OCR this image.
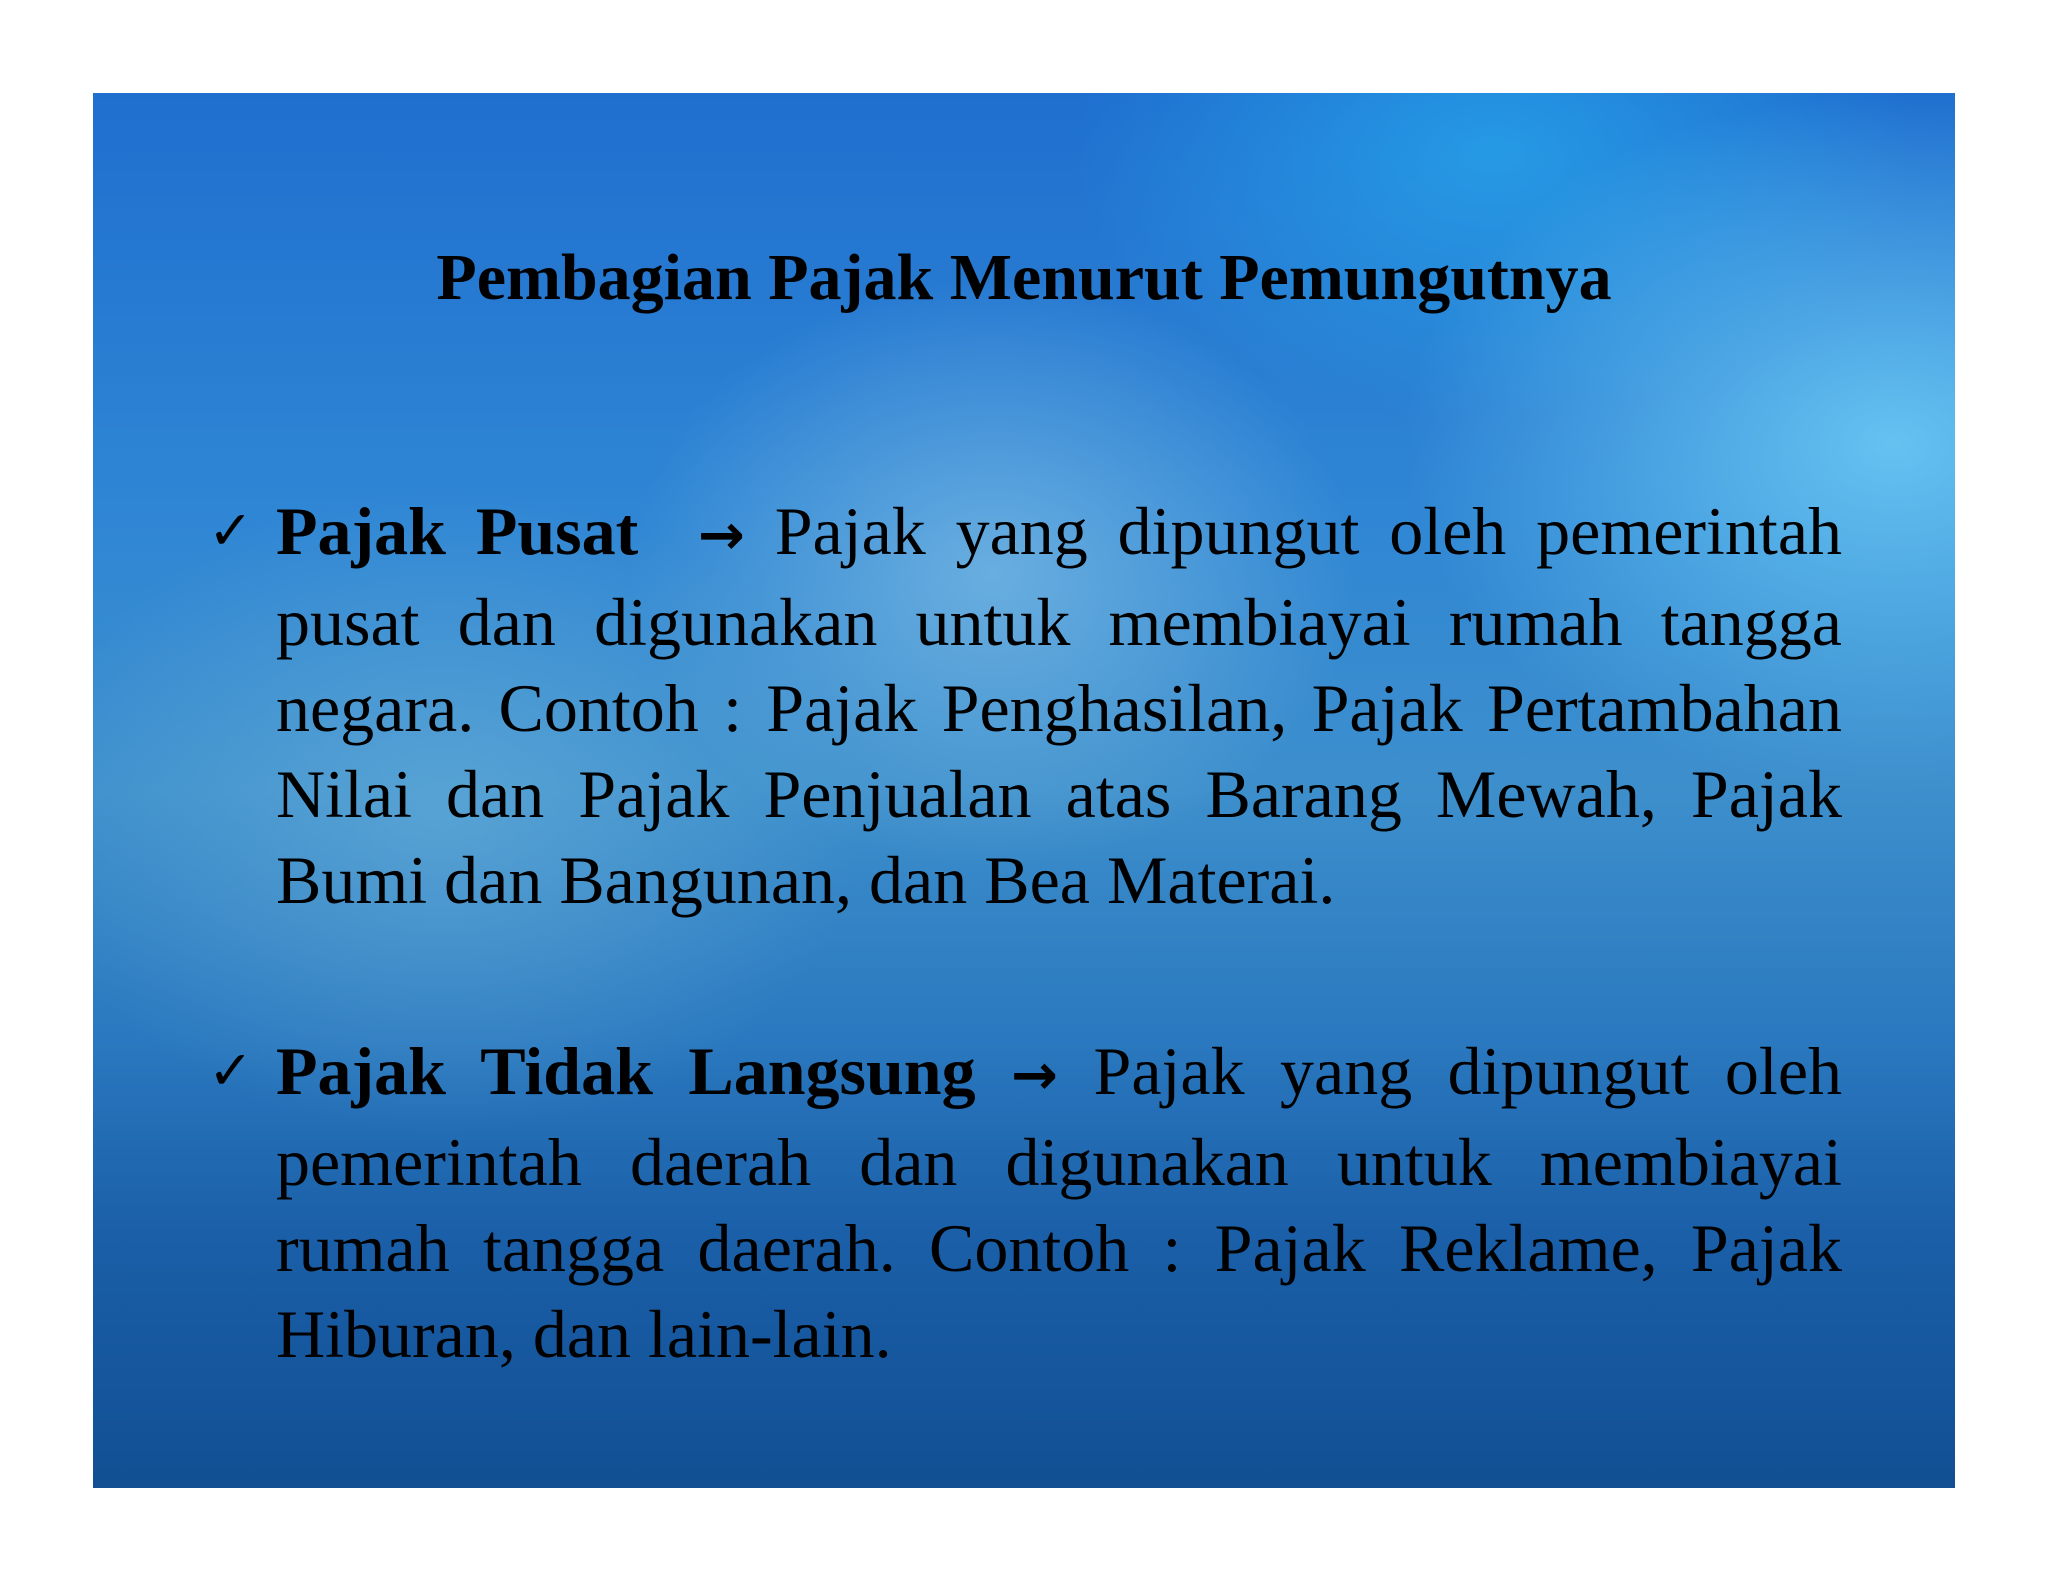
Pembagian Pajak Menurut Pemungutnya
✓ Pajak Pusat → Pajak yang dipungut oleh pemerintah pusat dan digunakan untuk membiayai rumah tangga negara. Contoh : Pajak Penghasilan, Pajak Pertambahan Nilai dan Pajak Penjualan atas Barang Mewah, Pajak Bumi dan Bangunan, dan Bea Materai.
✓ Pajak Tidak Langsung → Pajak yang dipungut oleh pemerintah daerah dan digunakan untuk membiayai rumah tangga daerah. Contoh : Pajak Reklame, Pajak Hiburan, dan lain-lain.
